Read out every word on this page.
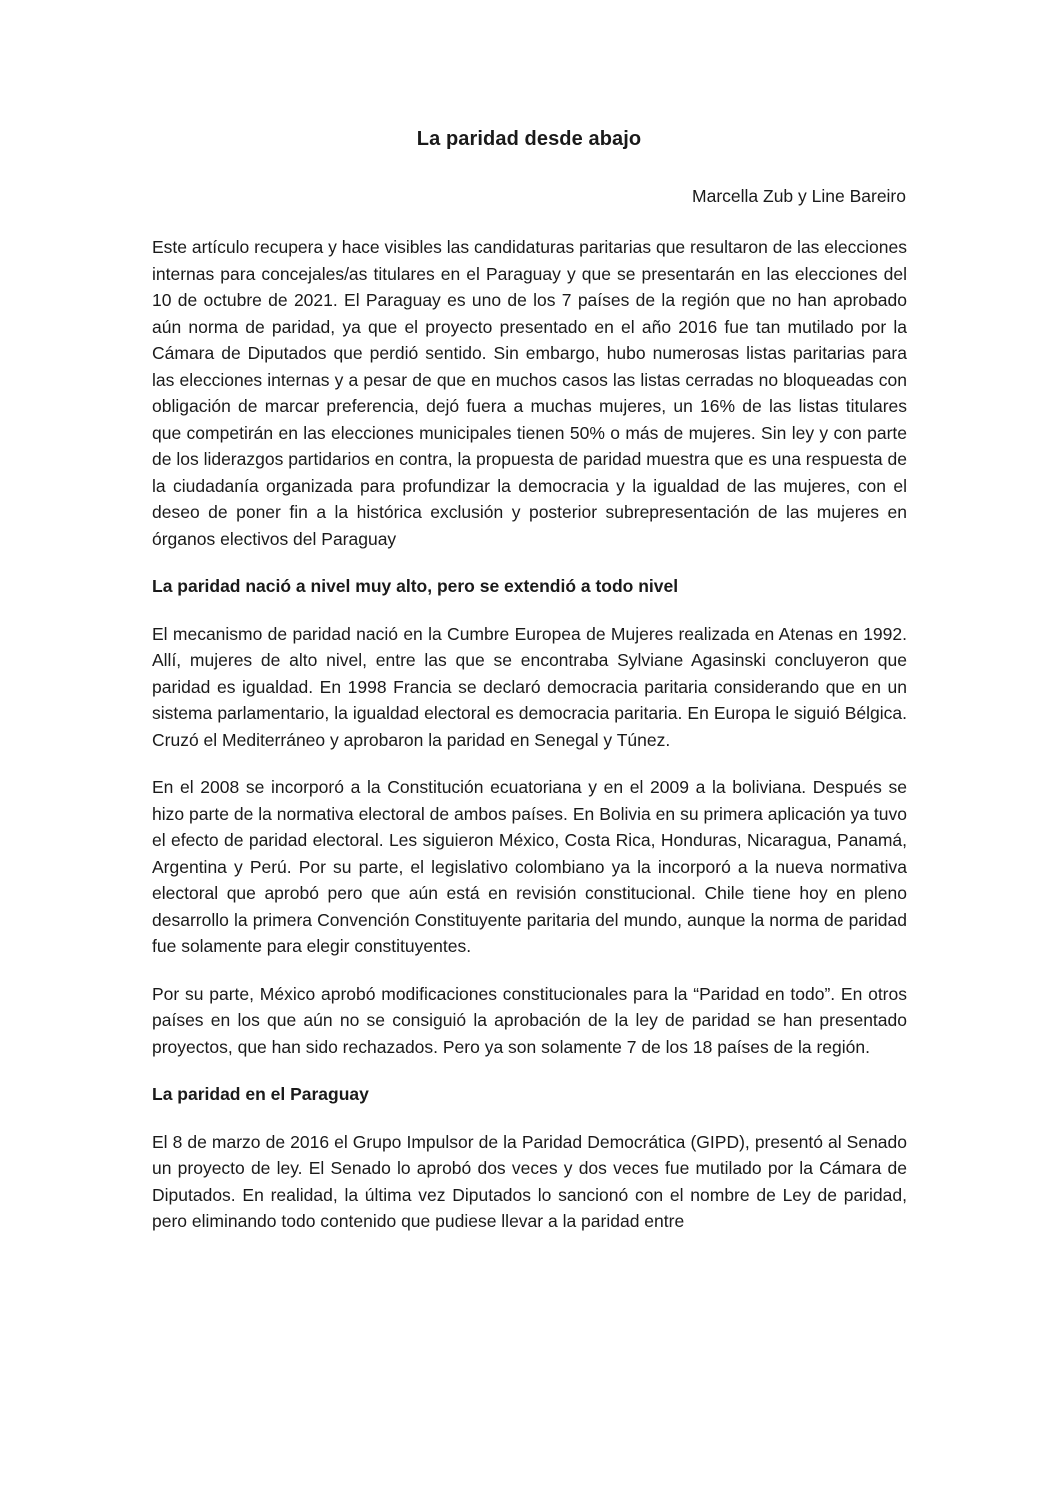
La paridad desde abajo
Marcella Zub y Line Bareiro

Este artículo recupera y hace visibles las candidaturas paritarias que resultaron de las elecciones internas para concejales/as titulares en el Paraguay y que se presentarán en las elecciones del 10 de octubre de 2021. El Paraguay es uno de los 7 países de la región que no han aprobado aún norma de paridad, ya que el proyecto presentado en el año 2016 fue tan mutilado por la Cámara de Diputados que perdió sentido. Sin embargo, hubo numerosas listas paritarias para las elecciones internas y a pesar de que en muchos casos las listas cerradas no bloqueadas con obligación de marcar preferencia, dejó fuera a muchas mujeres, un 16% de las listas titulares que competirán en las elecciones municipales tienen 50% o más de mujeres. Sin ley y con parte de los liderazgos partidarios en contra, la propuesta de paridad muestra que es una respuesta de la ciudadanía organizada para profundizar la democracia y la igualdad de las mujeres, con el deseo de poner fin a la histórica exclusión y posterior subrepresentación de las mujeres en órganos electivos del Paraguay

La paridad nació a nivel muy alto, pero se extendió a todo nivel

El mecanismo de paridad nació en la Cumbre Europea de Mujeres realizada en Atenas en 1992. Allí, mujeres de alto nivel, entre las que se encontraba Sylviane Agasinski concluyeron que paridad es igualdad. En 1998 Francia se declaró democracia paritaria considerando que en un sistema parlamentario, la igualdad electoral es democracia paritaria. En Europa le siguió Bélgica. Cruzó el Mediterráneo y aprobaron la paridad en Senegal y Túnez.

En el 2008 se incorporó a la Constitución ecuatoriana y en el 2009 a la boliviana. Después se hizo parte de la normativa electoral de ambos países. En Bolivia en su primera aplicación ya tuvo el efecto de paridad electoral. Les siguieron México, Costa Rica, Honduras, Nicaragua, Panamá, Argentina y Perú. Por su parte, el legislativo colombiano ya la incorporó a la nueva normativa electoral que aprobó pero que aún está en revisión constitucional. Chile tiene hoy en pleno desarrollo la primera Convención Constituyente paritaria del mundo, aunque la norma de paridad fue solamente para elegir constituyentes.

Por su parte, México aprobó modificaciones constitucionales para la “Paridad en todo”. En otros países en los que aún no se consiguió la aprobación de la ley de paridad se han presentado proyectos, que han sido rechazados. Pero ya son solamente 7 de los 18 países de la región.

La paridad en el Paraguay

El 8 de marzo de 2016 el Grupo Impulsor de la Paridad Democrática (GIPD), presentó al Senado un proyecto de ley. El Senado lo aprobó dos veces y dos veces fue mutilado por la Cámara de Diputados. En realidad, la última vez Diputados lo sancionó con el nombre de Ley de paridad, pero eliminando todo contenido que pudiese llevar a la paridad entre
